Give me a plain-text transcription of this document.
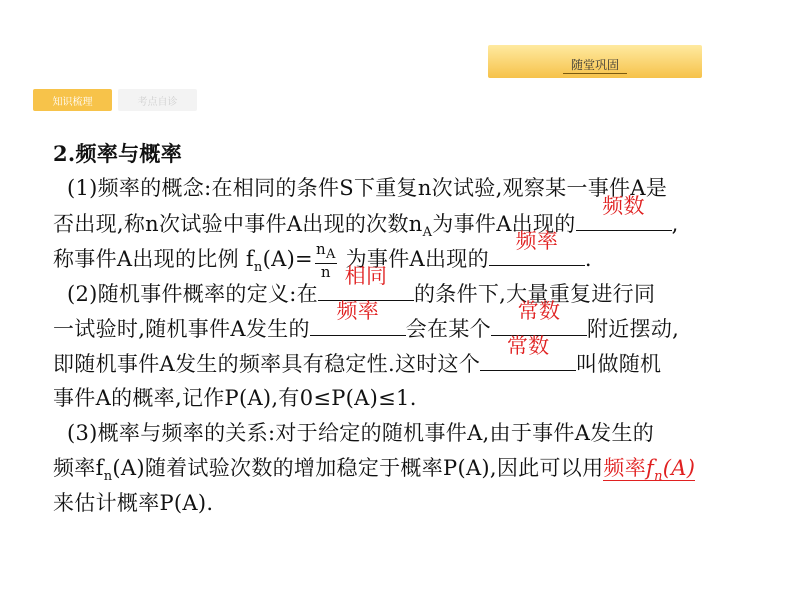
随堂巩固
知识梳理	考点自诊
2.频率与概率
(1)频率的概念:在相同的条件S下重复n次试验,观察某一事件A是
否出现,称n次试验中事件A出现的次数$n_A$为事件A出现的
频数
,
称事件A出现的比例 $f_n(A)= \frac{n_A}{n}$ 为事件A出现的
频率
.
(2)随机事件概率的定义:在
相同
的条件下,大量重复进行同
一试验时,随机事件A发生的
频率
会在某个
常数
附近摆动,
即随机事件A发生的频率具有稳定性.这时这个
常数
叫做随机
事件A的概率,记作P(A),有0≤P(A)≤1.
(3)概率与频率的关系:对于给定的随机事件A,由于事件A发生的
频率$f_n(A)$随着试验次数的增加稳定于概率P(A),因此可以用频率$f_n(A)$
来估计概率P(A).
